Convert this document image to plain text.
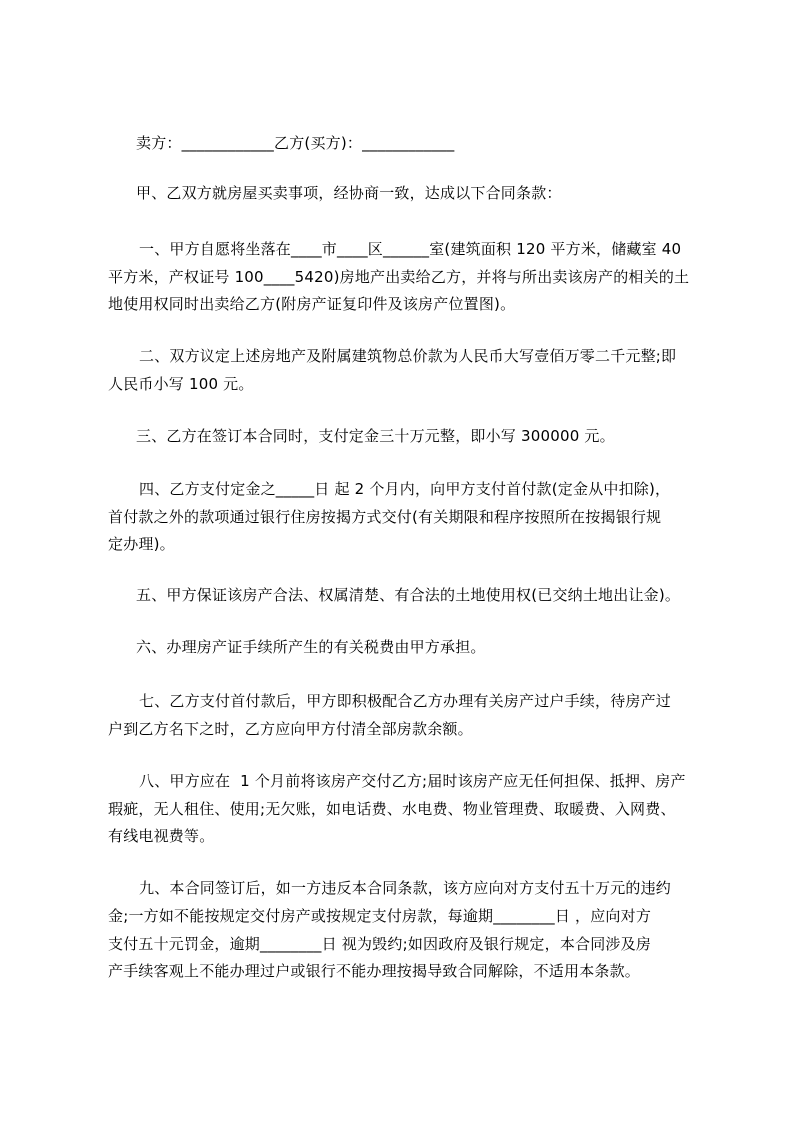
卖方：____________乙方(买方)：____________

甲、乙双方就房屋买卖事项，经协商一致，达成以下合同条款：

一、甲方自愿将坐落在____市____区______室(建筑面积 120 平方米，储藏室 40

平方米，产权证号 100____5420)房地产出卖给乙方，并将与所出卖该房产的相关的土

地使用权同时出卖给乙方(附房产证复印件及该房产位置图)。

二、双方议定上述房地产及附属建筑物总价款为人民币大写壹佰万零二千元整;即

人民币小写 100 元。

三、乙方在签订本合同时，支付定金三十万元整，即小写 300000 元。

四、乙方支付定金之_____日 起 2 个月内，向甲方支付首付款(定金从中扣除)，

首付款之外的款项通过银行住房按揭方式交付(有关期限和程序按照所在按揭银行规

定办理)。

五、甲方保证该房产合法、权属清楚、有合法的土地使用权(已交纳土地出让金)。

六、办理房产证手续所产生的有关税费由甲方承担。

七、乙方支付首付款后，甲方即积极配合乙方办理有关房产过户手续，待房产过

户到乙方名下之时，乙方应向甲方付清全部房款余额。

八、甲方应在  1 个月前将该房产交付乙方;届时该房产应无任何担保、抵押、房产

瑕疵，无人租住、使用;无欠账，如电话费、水电费、物业管理费、取暖费、入网费、

有线电视费等。

九、本合同签订后，如一方违反本合同条款，该方应向对方支付五十万元的违约

金;一方如不能按规定交付房产或按规定支付房款，每逾期________日 ，应向对方

支付五十元罚金，逾期________日 视为毁约;如因政府及银行规定，本合同涉及房

产手续客观上不能办理过户或银行不能办理按揭导致合同解除，不适用本条款。
